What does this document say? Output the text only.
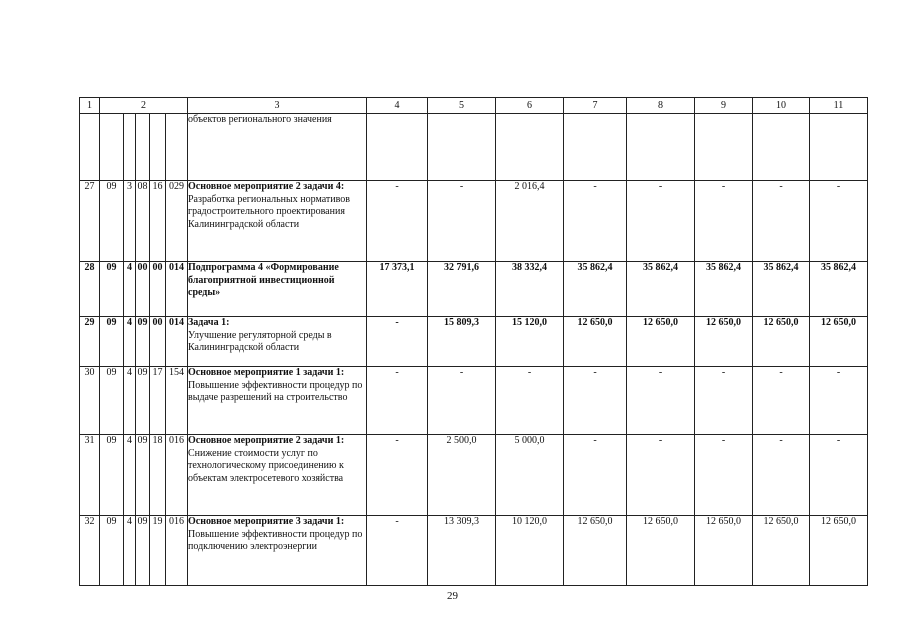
1	2					3	4	5	6	7	8	9	10	11
						объектов регионального значения								
27	09	3	08	16	029	Основное мероприятие 2 задачи 4:
Разработка региональных нормативов градостроительного проектирования Калининградской области	-	-	2 016,4	-	-	-	-	-
28	09	4	00	00	014	Подпрограмма 4 «Формирование благоприятной инвестиционной среды»	17 373,1	32 791,6	38 332,4	35 862,4	35 862,4	35 862,4	35 862,4	35 862,4
29	09	4	09	00	014	Задача 1:
Улучшение регуляторной среды в Калининградской области	-	15 809,3	15 120,0	12 650,0	12 650,0	12 650,0	12 650,0	12 650,0
30	09	4	09	17	154	Основное мероприятие 1 задачи 1:
Повышение эффективности процедур по выдаче разрешений на строительство	-	-	-	-	-	-	-	-
31	09	4	09	18	016	Основное мероприятие 2 задачи 1:
Снижение стоимости услуг по технологическому присоединению к объектам электросетевого хозяйства	-	2 500,0	5 000,0	-	-	-	-	-
32	09	4	09	19	016	Основное мероприятие 3 задачи 1:
Повышение эффективности процедур по подключению электроэнергии	-	13 309,3	10 120,0	12 650,0	12 650,0	12 650,0	12 650,0	12 650,0
29
